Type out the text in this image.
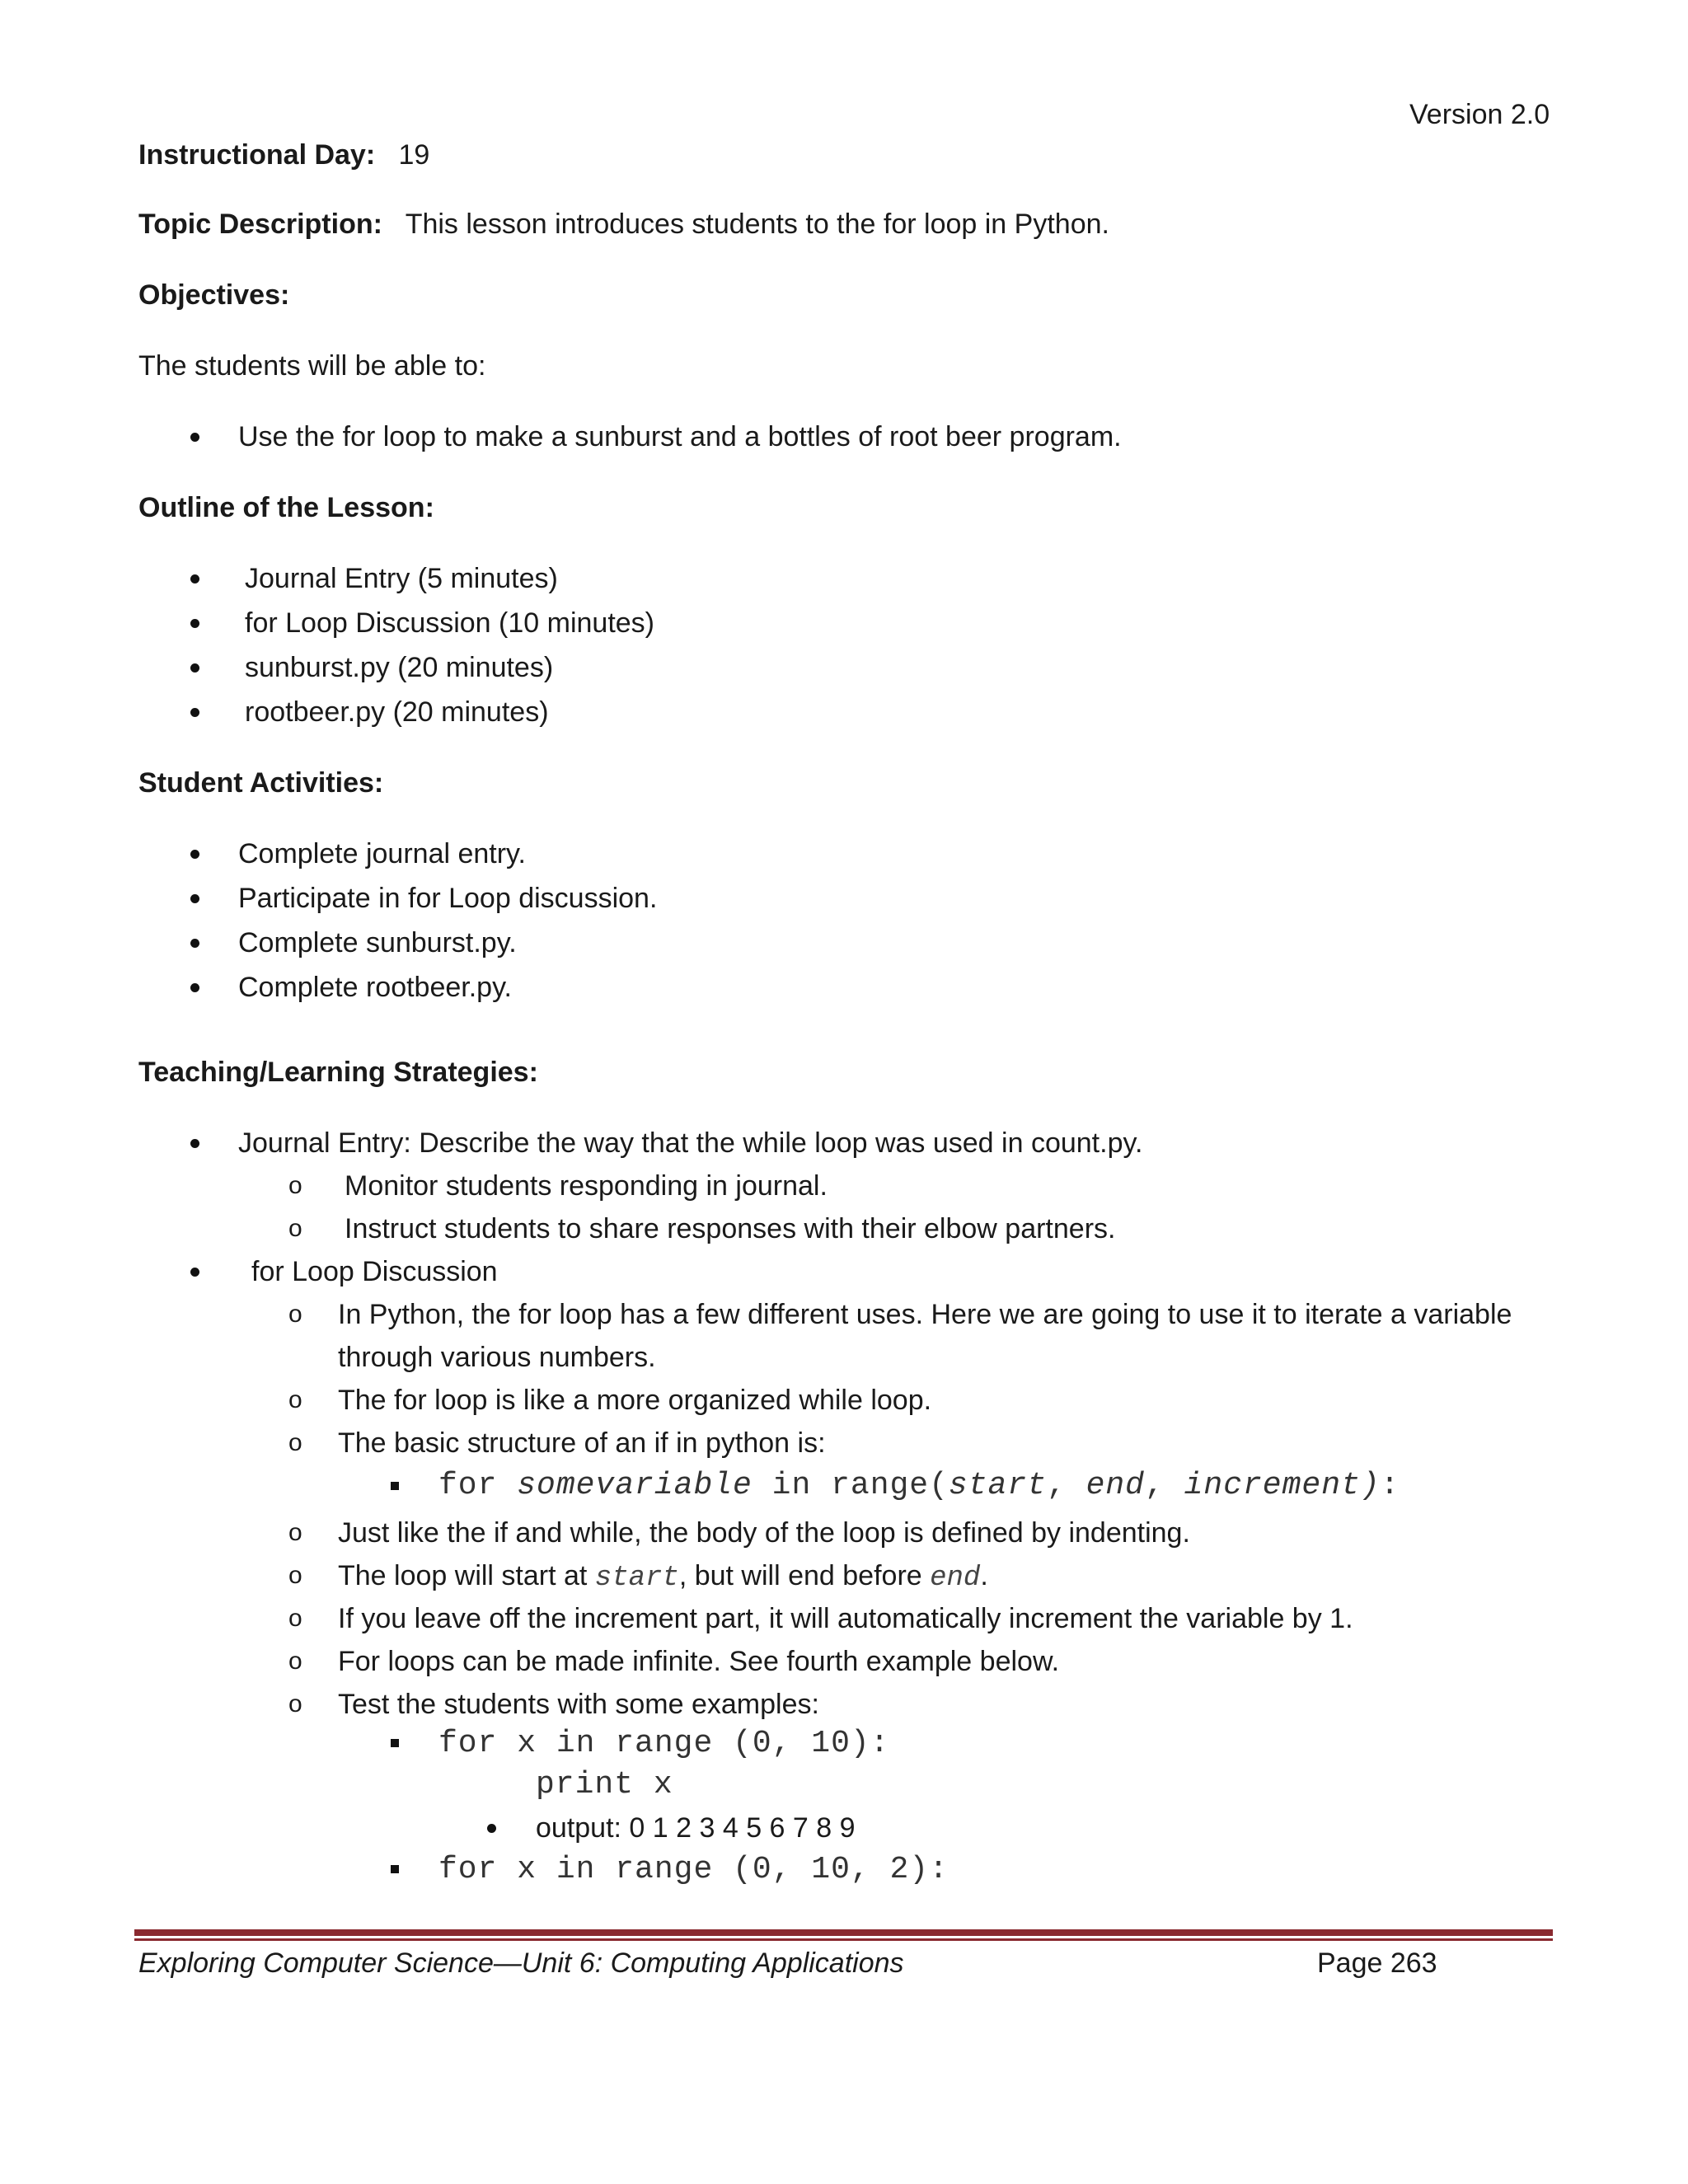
Version 2.0
Instructional Day: 19
Topic Description: This lesson introduces students to the for loop in Python.
Objectives:
The students will be able to:
Use the for loop to make a sunburst and a bottles of root beer program.
Outline of the Lesson:
Journal Entry (5 minutes)
for Loop Discussion (10 minutes)
sunburst.py (20 minutes)
rootbeer.py (20 minutes)
Student Activities:
Complete journal entry.
Participate in for Loop discussion.
Complete sunburst.py.
Complete rootbeer.py.
Teaching/Learning Strategies:
Journal Entry: Describe the way that the while loop was used in count.py.
o Monitor students responding in journal.
o Instruct students to share responses with their elbow partners.
for Loop Discussion
o In Python, the for loop has a few different uses. Here we are going to use it to iterate a variable
through various numbers.
o The for loop is like a more organized while loop.
o The basic structure of an if in python is:
for somevariable in range(start, end, increment):
o Just like the if and while, the body of the loop is defined by indenting.
o The loop will start at start, but will end before end.
o If you leave off the increment part, it will automatically increment the variable by 1.
o For loops can be made infinite. See fourth example below.
o Test the students with some examples:
for x in range (0, 10):
print x
output: 0 1 2 3 4 5 6 7 8 9
for x in range (0, 10, 2):
Exploring Computer Science—Unit 6: Computing Applications	Page 263
